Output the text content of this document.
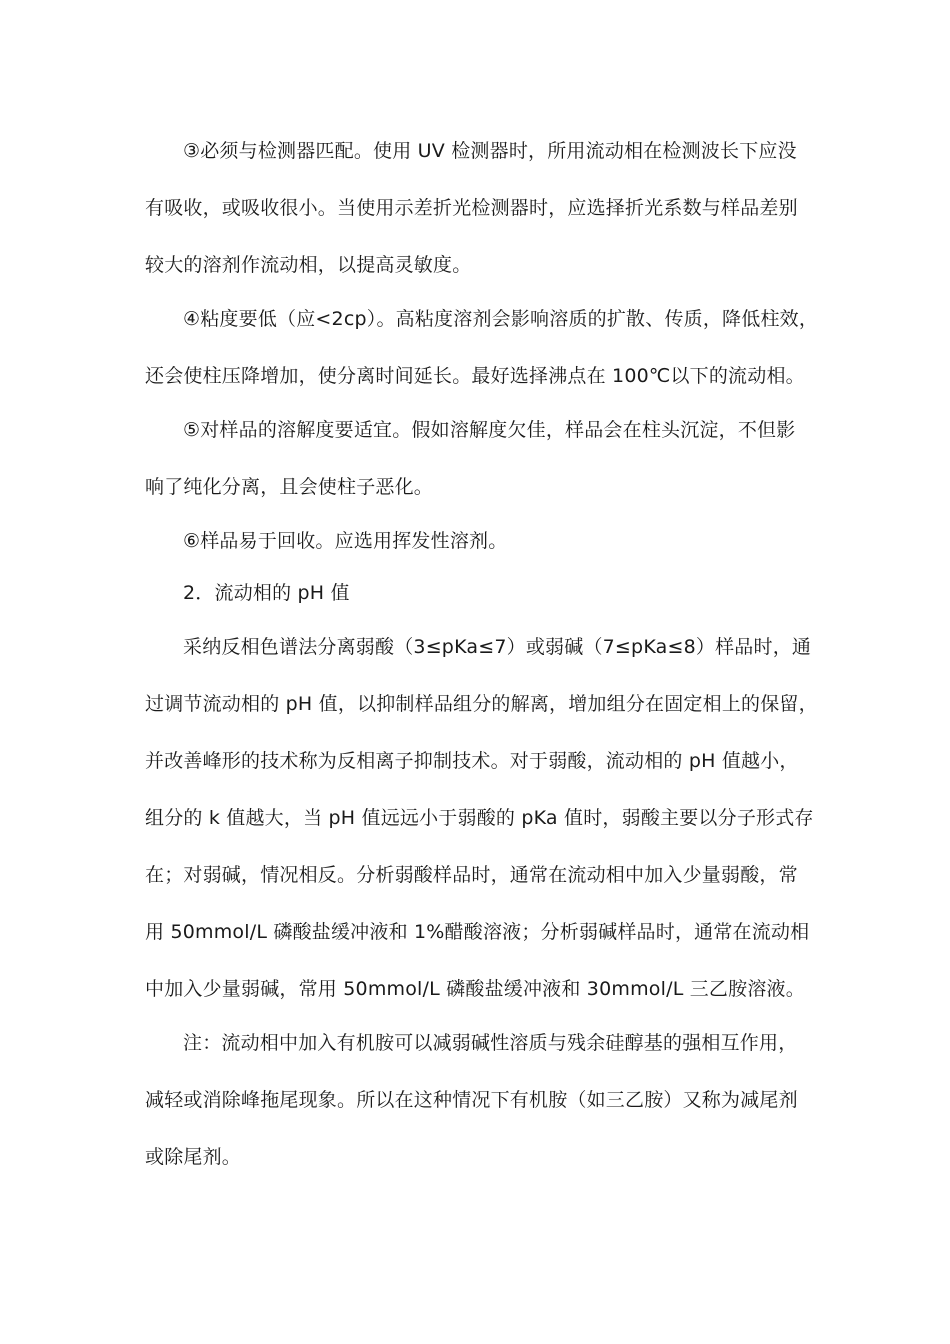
③必须与检测器匹配。使用 UV 检测器时，所用流动相在检测波长下应没
有吸收，或吸收很小。当使用示差折光检测器时，应选择折光系数与样品差别
较大的溶剂作流动相，以提高灵敏度。
④粘度要低（应<2cp）。高粘度溶剂会影响溶质的扩散、传质，降低柱效，
还会使柱压降增加，使分离时间延长。最好选择沸点在 100℃以下的流动相。
⑤对样品的溶解度要适宜。假如溶解度欠佳，样品会在柱头沉淀，不但影
响了纯化分离，且会使柱子恶化。
⑥样品易于回收。应选用挥发性溶剂。
2．流动相的 pH 值
采纳反相色谱法分离弱酸（3≤pKa≤7）或弱碱（7≤pKa≤8）样品时，通
过调节流动相的 pH 值，以抑制样品组分的解离，增加组分在固定相上的保留，
并改善峰形的技术称为反相离子抑制技术。对于弱酸，流动相的 pH 值越小，
组分的 k 值越大，当 pH 值远远小于弱酸的 pKa 值时，弱酸主要以分子形式存
在；对弱碱，情况相反。分析弱酸样品时，通常在流动相中加入少量弱酸，常
用 50mmol/L 磷酸盐缓冲液和 1%醋酸溶液；分析弱碱样品时，通常在流动相
中加入少量弱碱，常用 50mmol/L 磷酸盐缓冲液和 30mmol/L 三乙胺溶液。
注：流动相中加入有机胺可以减弱碱性溶质与残余硅醇基的强相互作用，
减轻或消除峰拖尾现象。所以在这种情况下有机胺（如三乙胺）又称为减尾剂
或除尾剂。
